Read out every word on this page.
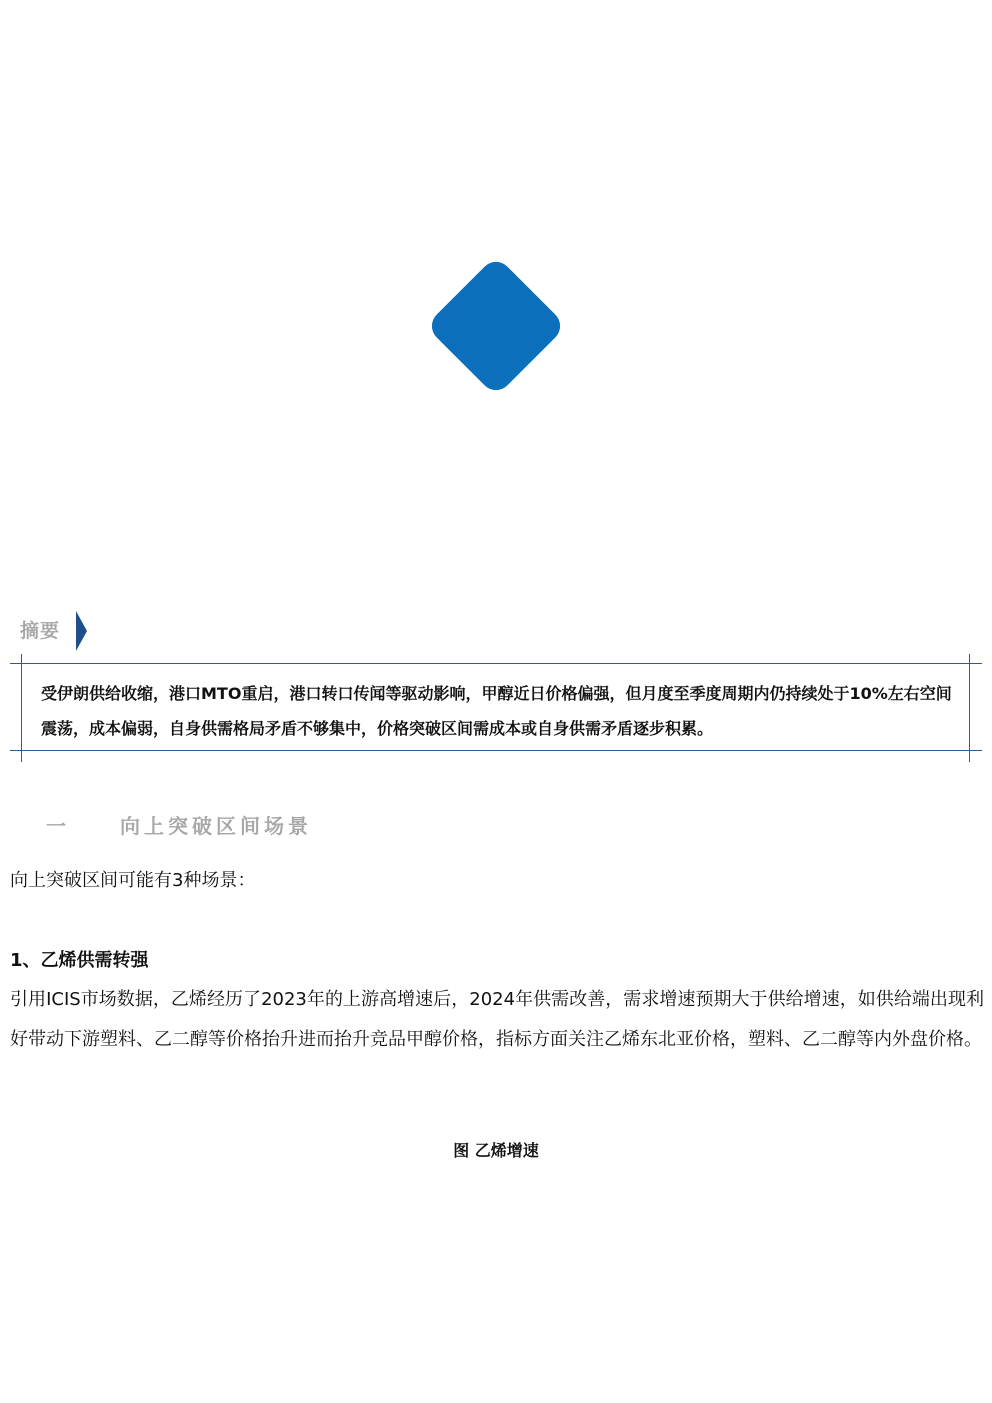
摘要
受伊朗供给收缩，港口MTO重启，港口转口传闻等驱动影响，甲醇近日价格偏强，但月度至季度周期内仍持续处于10%左右空间震荡，成本偏弱，自身供需格局矛盾不够集中，价格突破区间需成本或自身供需矛盾逐步积累。
一	向上突破区间场景
向上突破区间可能有3种场景：
1、乙烯供需转强
引用ICIS市场数据，乙烯经历了2023年的上游高增速后，2024年供需改善，需求增速预期大于供给增速，如供给端出现利好带动下游塑料、乙二醇等价格抬升进而抬升竞品甲醇价格，指标方面关注乙烯东北亚价格，塑料、乙二醇等内外盘价格。
图 乙烯增速
